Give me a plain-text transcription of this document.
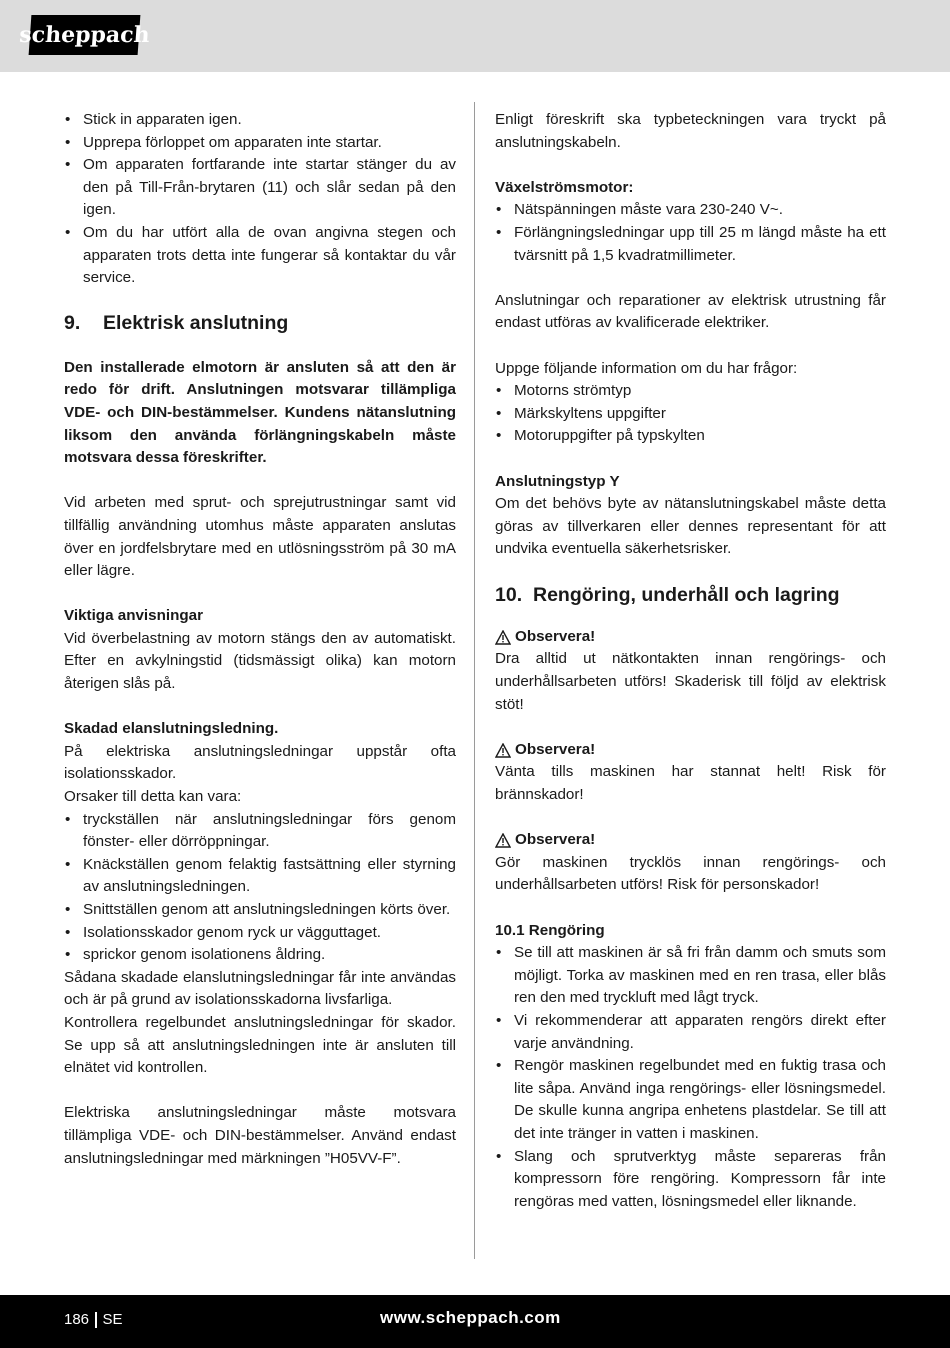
scheppach
• Stick in apparaten igen.
• Upprepa förloppet om apparaten inte startar.
• Om apparaten fortfarande inte startar stänger du av den på Till-Från-brytaren (11) och slår sedan på den igen.
• Om du har utfört alla de ovan angivna stegen och apparaten trots detta inte fungerar så kontaktar du vår service.
9.	Elektrisk anslutning

Den installerade elmotorn är ansluten så att den är redo för drift. Anslutningen motsvarar tillämpliga VDE- och DIN-bestämmelser. Kundens nätanslutning liksom den använda förlängningskabeln måste motsvara dessa föreskrifter.

Vid arbeten med sprut- och sprejutrustningar samt vid tillfällig användning utomhus måste apparaten anslutas över en jordfelsbrytare med en utlösningsström på 30 mA eller lägre.

Viktiga anvisningar

Vid överbelastning av motorn stängs den av automatiskt. Efter en avkylningstid (tidsmässigt olika) kan motorn återigen slås på.

Skadad elanslutningsledning.

På elektriska anslutningsledningar uppstår ofta isolationsskador.

Orsaker till detta kan vara:

• tryckställen när anslutningsledningar förs genom fönster- eller dörröppningar.
• Knäckställen genom felaktig fastsättning eller styrning av anslutningsledningen.
• Snittställen genom att anslutningsledningen körts över.
• Isolationsskador genom ryck ur vägguttaget.
• sprickor genom isolationens åldring.

Sådana skadade elanslutningsledningar får inte användas och är på grund av isolationsskadorna livsfarliga.

Kontrollera regelbundet anslutningsledningar för skador. Se upp så att anslutningsledningen inte är ansluten till elnätet vid kontrollen.

Elektriska anslutningsledningar måste motsvara tillämpliga VDE- och DIN-bestämmelser. Använd endast anslutningsledningar med märkningen ”H05VV-F”.

Enligt föreskrift ska typbeteckningen vara tryckt på anslutningskabeln.

Växelströmsmotor:

• Nätspänningen måste vara 230-240 V~.
• Förlängningsledningar upp till 25 m längd måste ha ett tvärsnitt på 1,5 kvadratmillimeter.

Anslutningar och reparationer av elektrisk utrustning får endast utföras av kvalificerade elektriker.

Uppge följande information om du har frågor:

• Motorns strömtyp
• Märkskyltens uppgifter
• Motoruppgifter på typskylten

Anslutningstyp Y

Om det behövs byte av nätanslutningskabel måste detta göras av tillverkaren eller dennes representant för att undvika eventuella säkerhetsrisker.

10. Rengöring, underhåll och lagring
Observera!

Dra alltid ut nätkontakten innan rengörings- och underhållsarbeten utförs! Skaderisk till följd av elektrisk stöt!

Observera!

Vänta tills maskinen har stannat helt! Risk för brännskador!

Observera!

Gör maskinen trycklös innan rengörings- och underhållsarbeten utförs! Risk för personskador!

10.1 Rengöring

• Se till att maskinen är så fri från damm och smuts som möjligt. Torka av maskinen med en ren trasa, eller blås ren den med tryckluft med lågt tryck.
• Vi rekommenderar att apparaten rengörs direkt efter varje användning.
• Rengör maskinen regelbundet med en fuktig trasa och lite såpa. Använd inga rengörings- eller lösningsmedel. De skulle kunna angripa enhetens plastdelar. Se till att det inte tränger in vatten i maskinen.
• Slang och sprutverktyg måste separeras från kompressorn före rengöring. Kompressorn får inte rengöras med vatten, lösningsmedel eller liknande.
186 SE	www.scheppach.com
